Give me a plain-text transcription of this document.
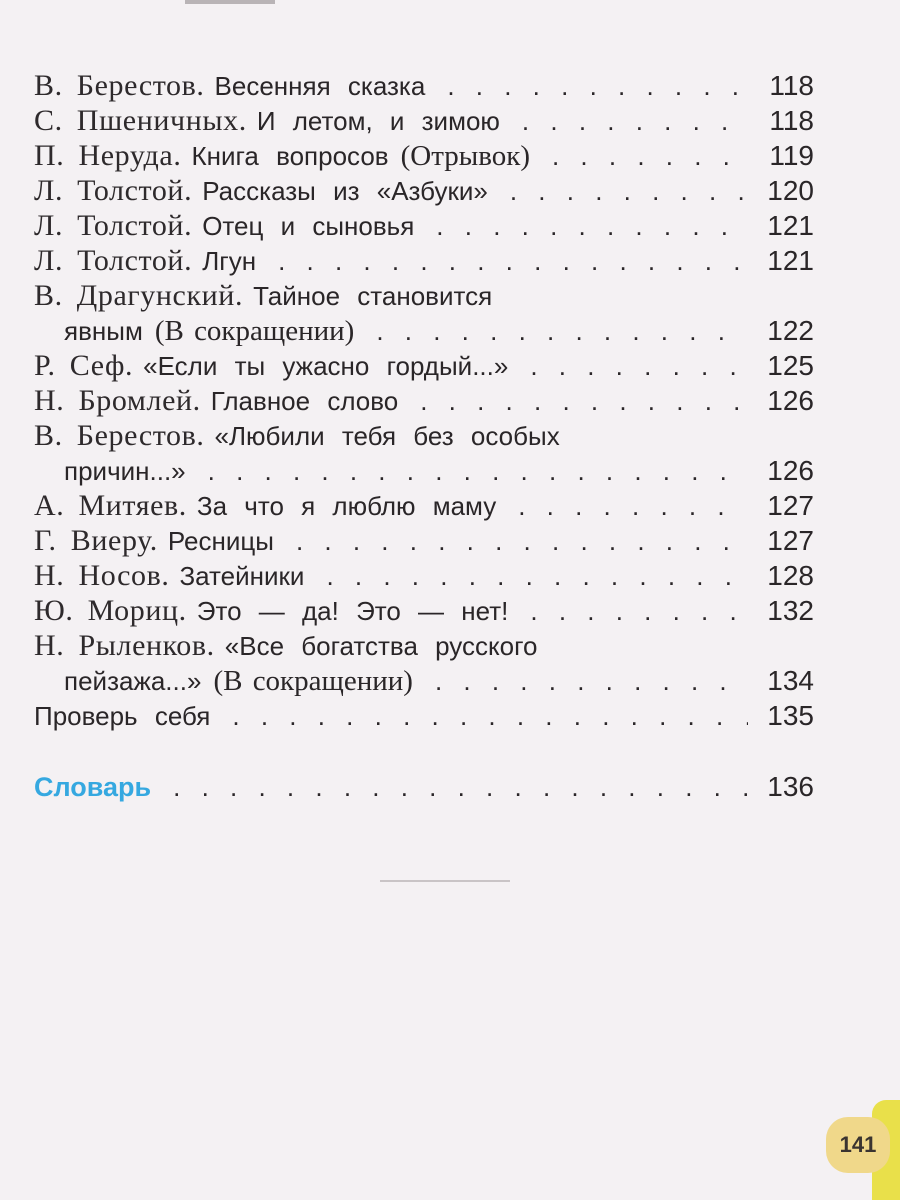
В. Берестов. Весенняя сказка . . .	118
С. Пшеничных. И летом, и зимою . . .	118
П. Неруда. Книга вопросов (Отрывок) . . .	119
Л. Толстой. Рассказы из «Азбуки» . . .	120
Л. Толстой. Отец и сыновья . . .	121
Л. Толстой. Лгун . . .	121
В. Драгунский. Тайное становится
явным (В сокращении) . . .	122
Р. Сеф. «Если ты ужасно гордый...» . . .	125
Н. Бромлей. Главное слово . . .	126
В. Берестов. «Любили тебя без особых
причин...» . . .	126
А. Митяев. За что я люблю маму . . .	127
Г. Виеру. Ресницы . . .	127
Н. Носов. Затейники . . .	128
Ю. Мориц. Это — да! Это — нет! . . .	132
Н. Рыленков. «Все богатства русского
пейзажа...» (В сокращении) . . .	134
Проверь себя . . .	135
Словарь . . .	136
141
